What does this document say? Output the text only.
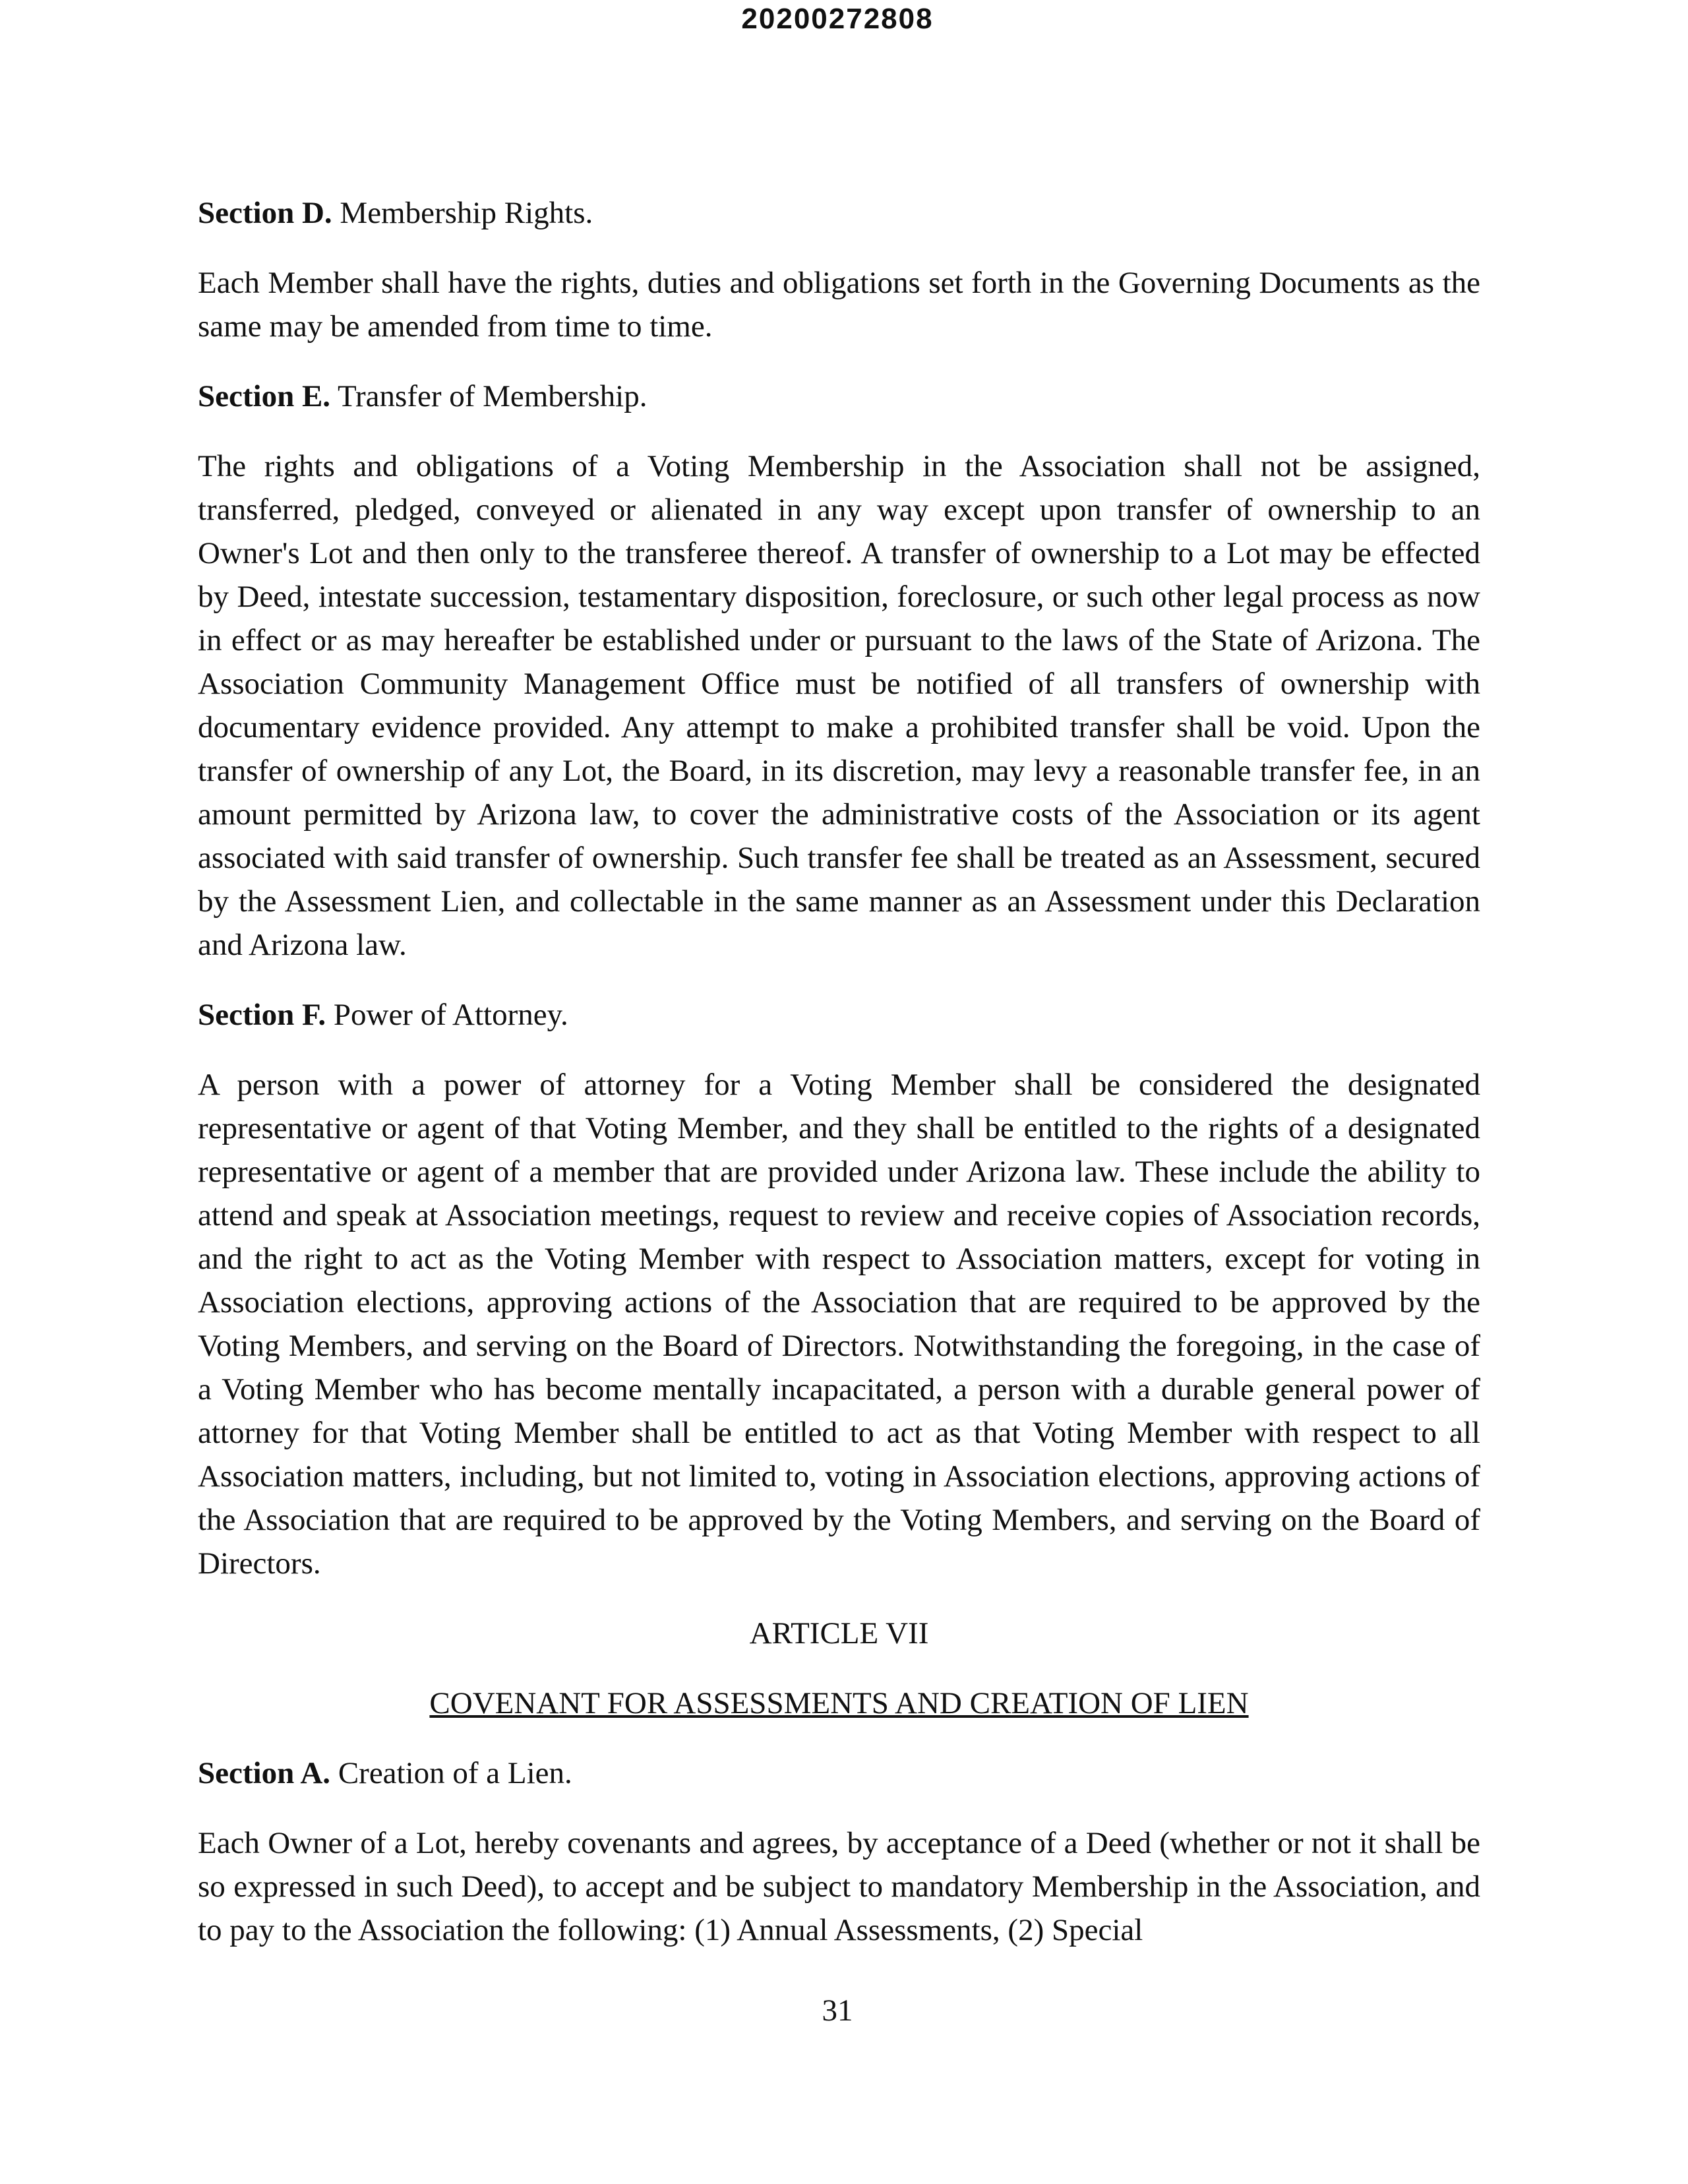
20200272808

Section D. Membership Rights.

Each Member shall have the rights, duties and obligations set forth in the Governing Documents as the same may be amended from time to time.

Section E. Transfer of Membership.

The rights and obligations of a Voting Membership in the Association shall not be assigned, transferred, pledged, conveyed or alienated in any way except upon transfer of ownership to an Owner's Lot and then only to the transferee thereof. A transfer of ownership to a Lot may be effected by Deed, intestate succession, testamentary disposition, foreclosure, or such other legal process as now in effect or as may hereafter be established under or pursuant to the laws of the State of Arizona. The Association Community Management Office must be notified of all transfers of ownership with documentary evidence provided. Any attempt to make a prohibited transfer shall be void. Upon the transfer of ownership of any Lot, the Board, in its discretion, may levy a reasonable transfer fee, in an amount permitted by Arizona law, to cover the administrative costs of the Association or its agent associated with said transfer of ownership. Such transfer fee shall be treated as an Assessment, secured by the Assessment Lien, and collectable in the same manner as an Assessment under this Declaration and Arizona law.

Section F. Power of Attorney.

A person with a power of attorney for a Voting Member shall be considered the designated representative or agent of that Voting Member, and they shall be entitled to the rights of a designated representative or agent of a member that are provided under Arizona law. These include the ability to attend and speak at Association meetings, request to review and receive copies of Association records, and the right to act as the Voting Member with respect to Association matters, except for voting in Association elections, approving actions of the Association that are required to be approved by the Voting Members, and serving on the Board of Directors. Notwithstanding the foregoing, in the case of a Voting Member who has become mentally incapacitated, a person with a durable general power of attorney for that Voting Member shall be entitled to act as that Voting Member with respect to all Association matters, including, but not limited to, voting in Association elections, approving actions of the Association that are required to be approved by the Voting Members, and serving on the Board of Directors.

ARTICLE VII

COVENANT FOR ASSESSMENTS AND CREATION OF LIEN

Section A. Creation of a Lien.

Each Owner of a Lot, hereby covenants and agrees, by acceptance of a Deed (whether or not it shall be so expressed in such Deed), to accept and be subject to mandatory Membership in the Association, and to pay to the Association the following: (1) Annual Assessments, (2) Special

31
